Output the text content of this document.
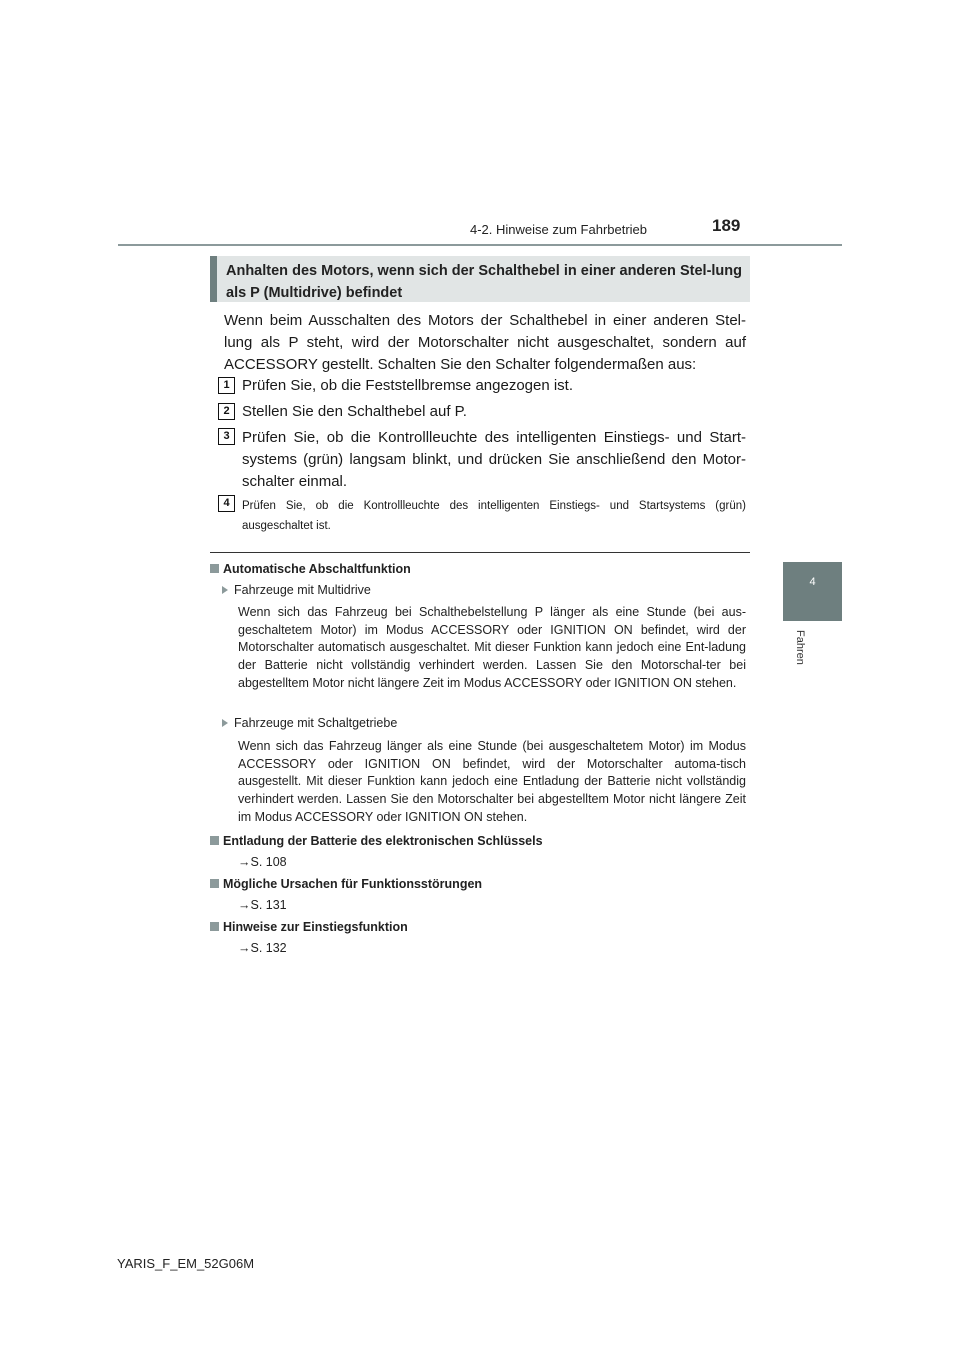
4-2. Hinweise zum Fahrbetrieb	189
4
Fahren
Anhalten des Motors, wenn sich der Schalthebel in einer anderen Stel-lung als P (Multidrive) befindet
Wenn beim Ausschalten des Motors der Schalthebel in einer anderen Stel-lung als P steht, wird der Motorschalter nicht ausgeschaltet, sondern auf ACCESSORY gestellt. Schalten Sie den Schalter folgendermaßen aus:
1 Prüfen Sie, ob die Feststellbremse angezogen ist.
2 Stellen Sie den Schalthebel auf P.
3 Prüfen Sie, ob die Kontrollleuchte des intelligenten Einstiegs- und Start-systems (grün) langsam blinkt, und drücken Sie anschließend den Motor-schalter einmal.
4	Prüfen Sie, ob die Kontrollleuchte des intelligenten Einstiegs- und Startsystems (grün) ausgeschaltet ist.
Automatische Abschaltfunktion
Fahrzeuge mit Multidrive
Wenn sich das Fahrzeug bei Schalthebelstellung P länger als eine Stunde (bei aus-geschaltetem Motor) im Modus ACCESSORY oder IGNITION ON befindet, wird der Motorschalter automatisch ausgeschaltet. Mit dieser Funktion kann jedoch eine Ent-ladung der Batterie nicht vollständig verhindert werden. Lassen Sie den Motorschal-ter bei abgestelltem Motor nicht längere Zeit im Modus ACCESSORY oder IGNITION ON stehen.
Fahrzeuge mit Schaltgetriebe
Wenn sich das Fahrzeug länger als eine Stunde (bei ausgeschaltetem Motor) im Modus ACCESSORY oder IGNITION ON befindet, wird der Motorschalter automa-tisch ausgestellt. Mit dieser Funktion kann jedoch eine Entladung der Batterie nicht vollständig verhindert werden. Lassen Sie den Motorschalter bei abgestelltem Motor nicht längere Zeit im Modus ACCESSORY oder IGNITION ON stehen.
Entladung der Batterie des elektronischen Schlüssels
→S. 108
Mögliche Ursachen für Funktionsstörungen
→S. 131
Hinweise zur Einstiegsfunktion
→S. 132
YARIS_F_EM_52G06M
